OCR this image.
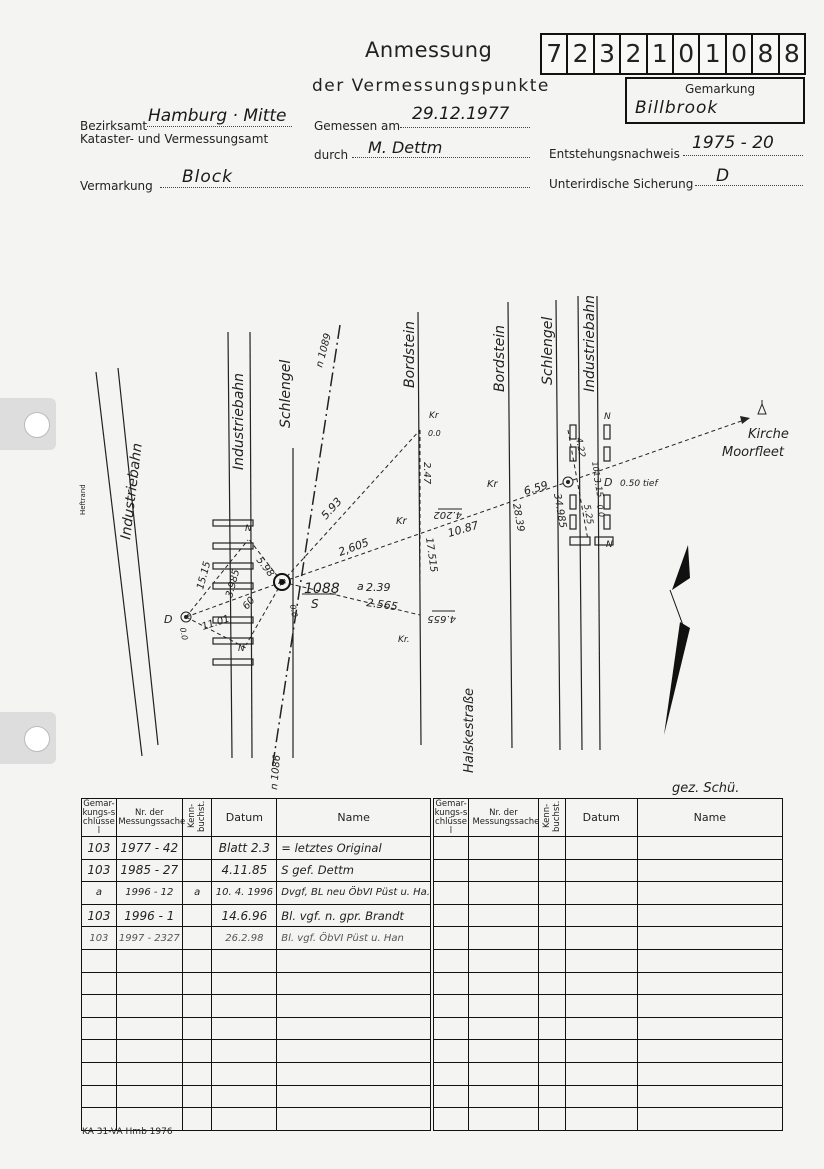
Anmessung
der Vermessungspunkte
7 2 3 2 1 0 1 0 8 8
Gemarkung
Billbrook
Bezirksamt Hamburg · Mitte
Kataster- und Vermessungsamt
Gemessen am
29.12.1977
durch M. Dettm	Entstehungsnachweis
1975 - 20
Vermarkung Block	Unterirdische Sicherung D
Industriebahn
Industriebahn Schlengel
n 1089	Bordstein	Bordstein Schlengel Industriebahn
Kirche
Moorfleet
Heftrand
Halskestraße
n 1086
1088
S
D
D 0.50 tief
Kr
Kr
Kr
Kr.
N
N
N
N
a
5.93
2,605
10.87
6.59
2.39
2.565
15.15	5.98
3.985
11.01
60
17.515
2.47
4.202	28.39	34.985
4.655
0.0
0.0
0.0
0.0
3.15
5.25
4.22
101
gez. Schü.
Gemar-kungs-schlüssel	Nr. der Messungssache	Kenn-buchst.	Datum	Name
103	1977 - 42		Blatt 2.3	= letztes Original
103	1985 - 27		4.11.85	S gef. Dettm
a	1996 - 12	a	10. 4. 1996	Dvgf, BL neu ÖbVI Püst u. Ha.
103	1996 - 1		14.6.96	Bl. vgf. n. gpr. Brandt
103	1997 - 2327		26.2.98	Bl. vgf. ÖbVI Püst u. Han

Gemar-kungs-schlüssel	Nr. der Messungssache	Kenn-buchst.	Datum	Name

KA 31-VA Hmb 1976
